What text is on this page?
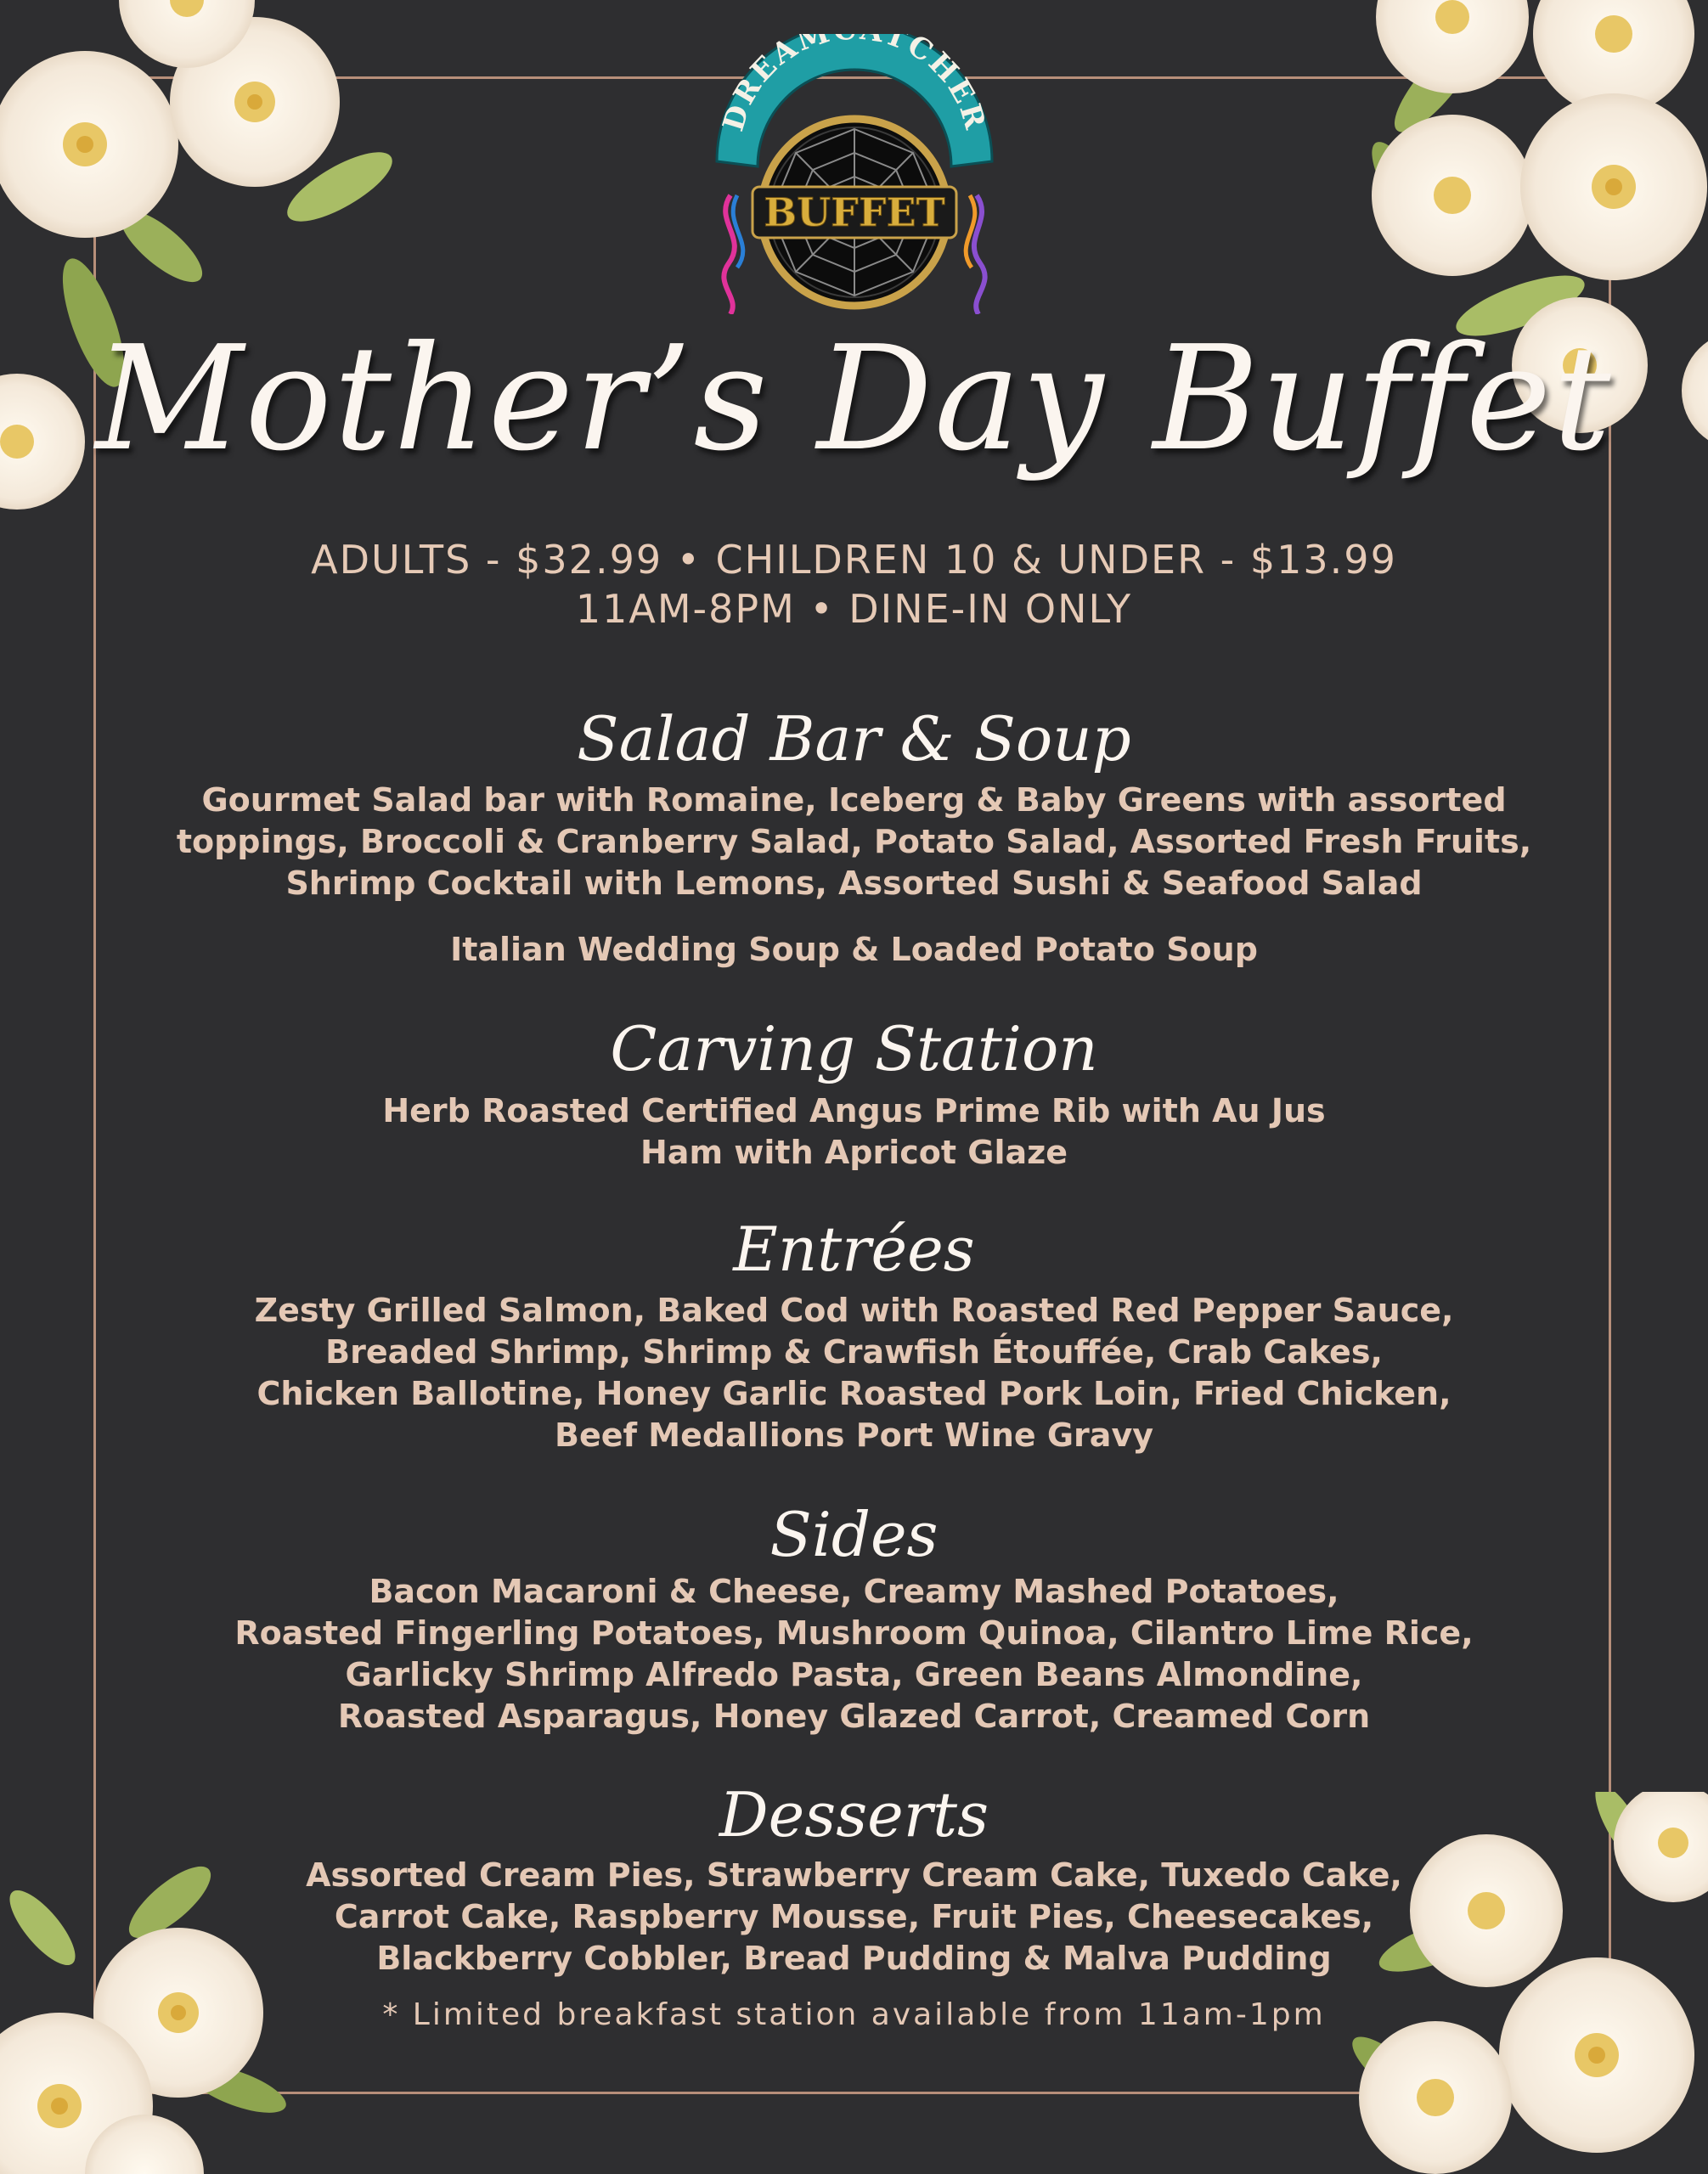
DREAM TCHER
BUFFET
Mother’s Day Buffet
ADULTS - $32.99 • CHILDREN 10 & UNDER - $13.99
11AM-8PM • DINE-IN ONLY
Salad Bar & Soup
Gourmet Salad bar with Romaine, Iceberg & Baby Greens with assorted
toppings, Broccoli & Cranberry Salad, Potato Salad, Assorted Fresh Fruits,
Shrimp Cocktail with Lemons, Assorted Sushi & Seafood Salad
Italian Wedding Soup & Loaded Potato Soup
Carving Station
Herb Roasted Certified Angus Prime Rib with Au Jus
Ham with Apricot Glaze
Entrées
Zesty Grilled Salmon, Baked Cod with Roasted Red Pepper Sauce,
Breaded Shrimp, Shrimp & Crawfish Étouffée, Crab Cakes,
Chicken Ballotine, Honey Garlic Roasted Pork Loin, Fried Chicken,
Beef Medallions Port Wine Gravy
Sides
Bacon Macaroni & Cheese, Creamy Mashed Potatoes,
Roasted Fingerling Potatoes, Mushroom Quinoa, Cilantro Lime Rice,
Garlicky Shrimp Alfredo Pasta, Green Beans Almondine,
Roasted Asparagus, Honey Glazed Carrot, Creamed Corn
Desserts
Assorted Cream Pies, Strawberry Cream Cake, Tuxedo Cake,
Carrot Cake, Raspberry Mousse, Fruit Pies, Cheesecakes,
Blackberry Cobbler, Bread Pudding & Malva Pudding
* Limited breakfast station available from 11am-1pm
